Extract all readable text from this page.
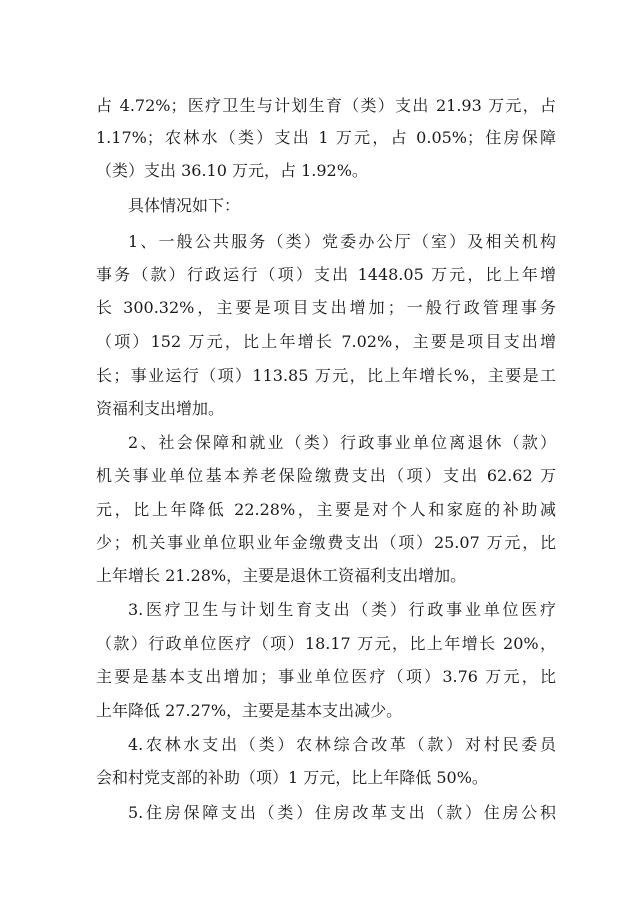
占 4.72%；医疗卫生与计划生育（类）支出 21.93 万元，占
1.17%；农林水（类）支出 1 万元，占 0.05%；住房保障
（类）支出 36.10 万元，占 1.92%。
具体情况如下：
1、一般公共服务（类）党委办公厅（室）及相关机构
事务（款）行政运行（项）支出 1448.05 万元，比上年增
长 300.32%，主要是项目支出增加；一般行政管理事务
（项）152 万元，比上年增长 7.02%，主要是项目支出增
长；事业运行（项）113.85 万元，比上年增长%，主要是工
资福利支出增加。
2、社会保障和就业（类）行政事业单位离退休（款）
机关事业单位基本养老保险缴费支出（项）支出 62.62 万
元，比上年降低 22.28%，主要是对个人和家庭的补助减
少；机关事业单位职业年金缴费支出（项）25.07 万元，比
上年增长 21.28%，主要是退休工资福利支出增加。
3.医疗卫生与计划生育支出（类）行政事业单位医疗
（款）行政单位医疗（项）18.17 万元，比上年增长 20%，
主要是基本支出增加；事业单位医疗（项）3.76 万元，比
上年降低 27.27%，主要是基本支出减少。
4.农林水支出（类）农林综合改革（款）对村民委员
会和村党支部的补助（项）1 万元，比上年降低 50%。
5.住房保障支出（类）住房改革支出（款）住房公积
